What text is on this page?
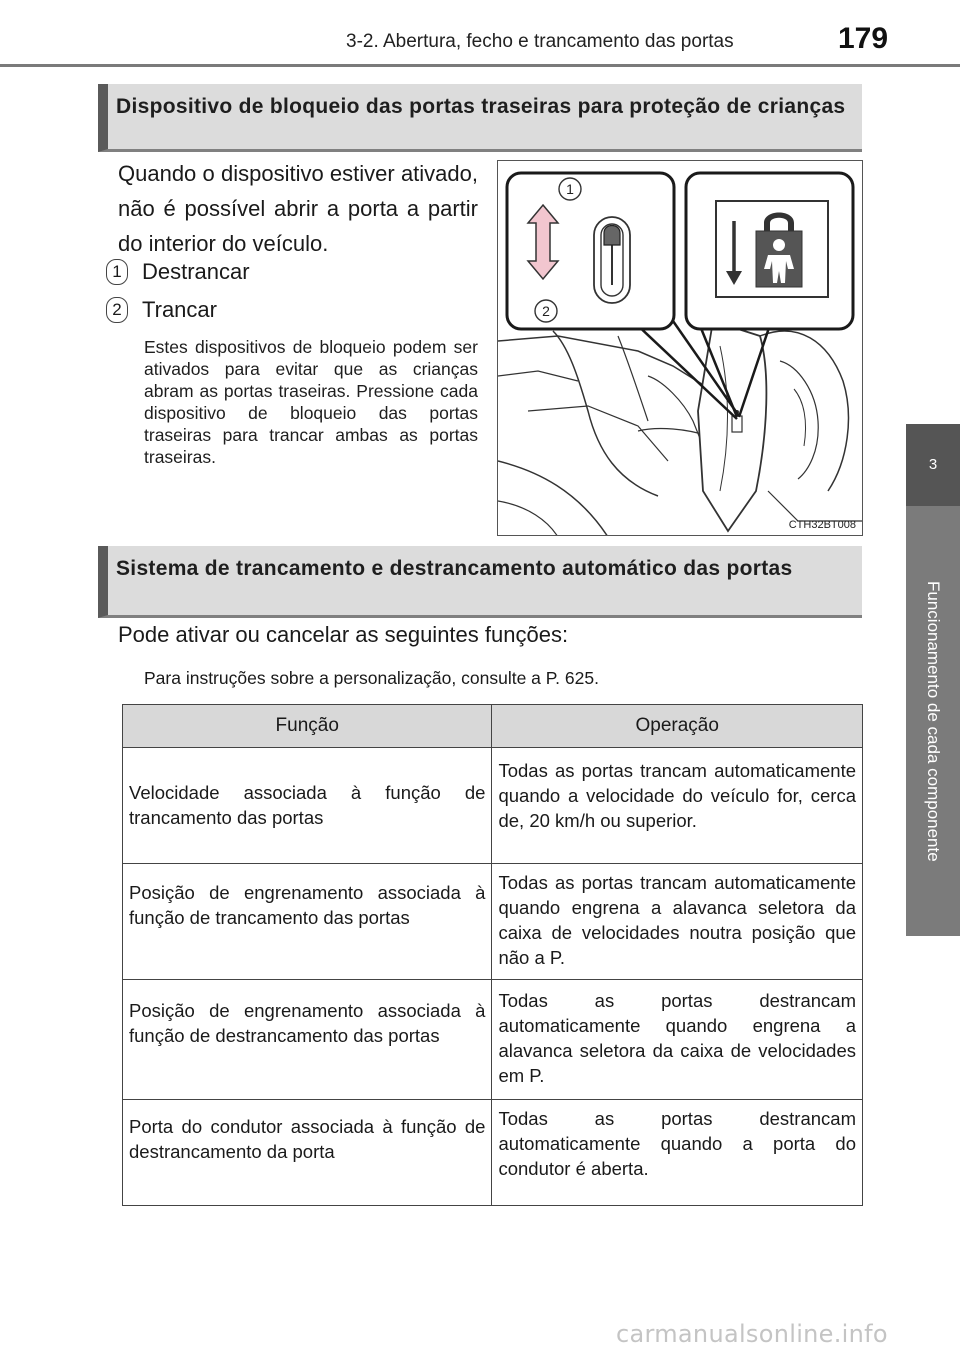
3-2. Abertura, fecho e trancamento das portas	179
3
Funcionamento de cada componente
Dispositivo de bloqueio das portas traseiras para proteção de crianças
Quando o dispositivo estiver ativado, não é possível abrir a porta a partir do interior do veículo.
1 Destrancar
2 Trancar
Estes dispositivos de bloqueio podem ser ativados para evitar que as crianças abram as portas traseiras. Pressione cada dispositivo de bloqueio das portas traseiras para trancar ambas as portas traseiras.
1
2
CTH32BT008
Sistema de trancamento e destrancamento automático das portas
Pode ativar ou cancelar as seguintes funções:
Para instruções sobre a personalização, consulte a P. 625.
Função	Operação
Velocidade associada à função de trancamento das portas	Todas as portas trancam automaticamente quando a velocidade do veículo for, cerca de, 20 km/h ou superior.
Posição de engrenamento associada à função de trancamento das portas	Todas as portas trancam automaticamente quando engrena a alavanca seletora da caixa de velocidades noutra posição que não a P.
Posição de engrenamento associada à função de destrancamento das portas	Todas as portas destrancam automaticamente quando engrena a alavanca seletora da caixa de velocidades em P.
Porta do condutor associada à função de destrancamento da porta	Todas as portas destrancam automaticamente quando a porta do condutor é aberta.
carmanualsonline.info
